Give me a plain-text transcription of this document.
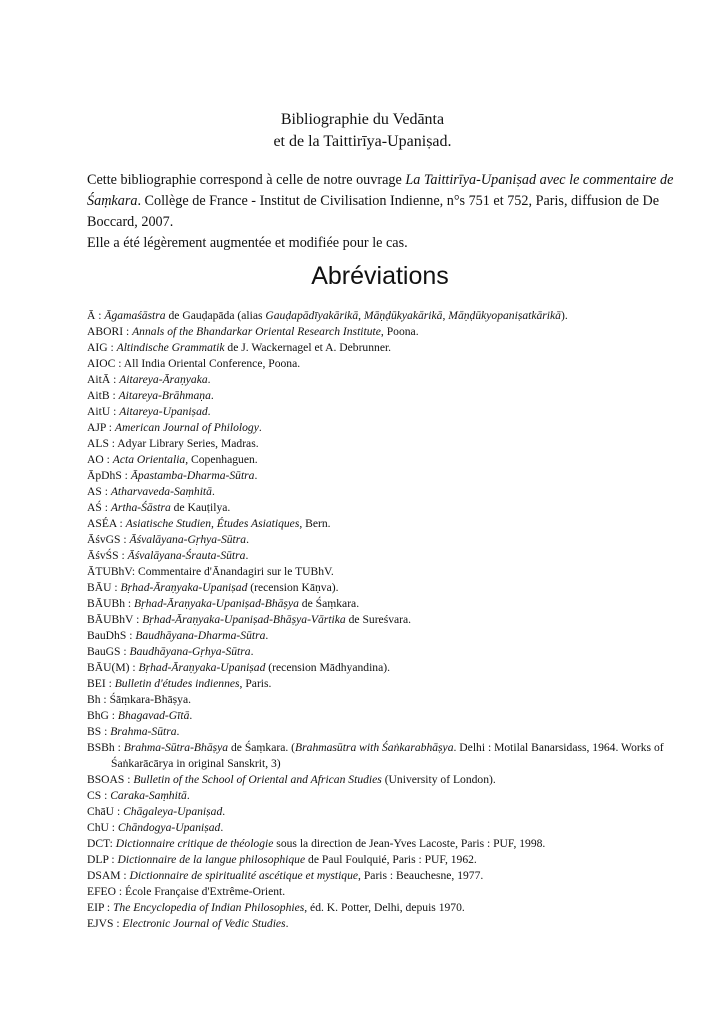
Bibliographie du Vedānta
et de la Taittirīya-Upaniṣad.

Cette bibliographie correspond à celle de notre ouvrage La Taittirīya-Upaniṣad avec le commentaire de Śaṃkara. Collège de France - Institut de Civilisation Indienne, n°s 751 et 752, Paris, diffusion de De Boccard, 2007.

Elle a été légèrement augmentée et modifiée pour le cas.

Abréviations
Ā : Āgamaśāstra de Gauḍapāda (alias Gauḍapādīyakārikā, Māṇḍūkyakārikā, Māṇḍūkyopaniṣatkārikā).
ABORI : Annals of the Bhandarkar Oriental Research Institute, Poona.
AIG : Altindische Grammatik de J. Wackernagel et A. Debrunner.
AIOC : All India Oriental Conference, Poona.
AitĀ : Aitareya-Āraṇyaka.
AitB : Aitareya-Brāhmaṇa.
AitU : Aitareya-Upaniṣad.
AJP : American Journal of Philology.
ALS : Adyar Library Series, Madras.
AO : Acta Orientalia, Copenhaguen.
ĀpDhS : Āpastamba-Dharma-Sūtra.
AS : Atharvaveda-Saṃhitā.
AŚ : Artha-Śāstra de Kauṭilya.
ASÉA : Asiatische Studien, Études Asiatiques, Bern.
ĀśvGS : Āśvalāyana-Gṛhya-Sūtra.
ĀśvŚS : Āśvalāyana-Śrauta-Sūtra.
ĀTUBhV: Commentaire d'Ānandagiri sur le TUBhV.
BĀU : Bṛhad-Āraṇyaka-Upaniṣad (recension Kāṇva).
BĀUBh : Bṛhad-Āraṇyaka-Upaniṣad-Bhāṣya de Śaṃkara.
BĀUBhV : Bṛhad-Āraṇyaka-Upaniṣad-Bhāṣya-Vārtika de Sureśvara.
BauDhS : Baudhāyana-Dharma-Sūtra.
BauGS : Baudhāyana-Gṛhya-Sūtra.
BĀU(M) : Bṛhad-Āraṇyaka-Upaniṣad (recension Mādhyandina).
BEI : Bulletin d'études indiennes, Paris.
Bh : Śāṃkara-Bhāṣya.
BhG : Bhagavad-Gītā.
BS : Brahma-Sūtra.
BSBh : Brahma-Sūtra-Bhāṣya de Śaṃkara. (Brahmasūtra with Śaṅkarabhāṣya. Delhi : Motilal Banarsidass, 1964. Works of Śaṅkarācārya in original Sanskrit, 3)
BSOAS : Bulletin of the School of Oriental and African Studies (University of London).
CS : Caraka-Saṃhitā.
ChāU : Chāgaleya-Upaniṣad.
ChU : Chāndogya-Upaniṣad.
DCT: Dictionnaire critique de théologie sous la direction de Jean-Yves Lacoste, Paris : PUF, 1998.
DLP : Dictionnaire de la langue philosophique de Paul Foulquié, Paris : PUF, 1962.
DSAM : Dictionnaire de spiritualité ascétique et mystique, Paris : Beauchesne, 1977.
EFEO : École Française d'Extrême-Orient.
EIP : The Encyclopedia of Indian Philosophies, éd. K. Potter, Delhi, depuis 1970.
EJVS : Electronic Journal of Vedic Studies.
